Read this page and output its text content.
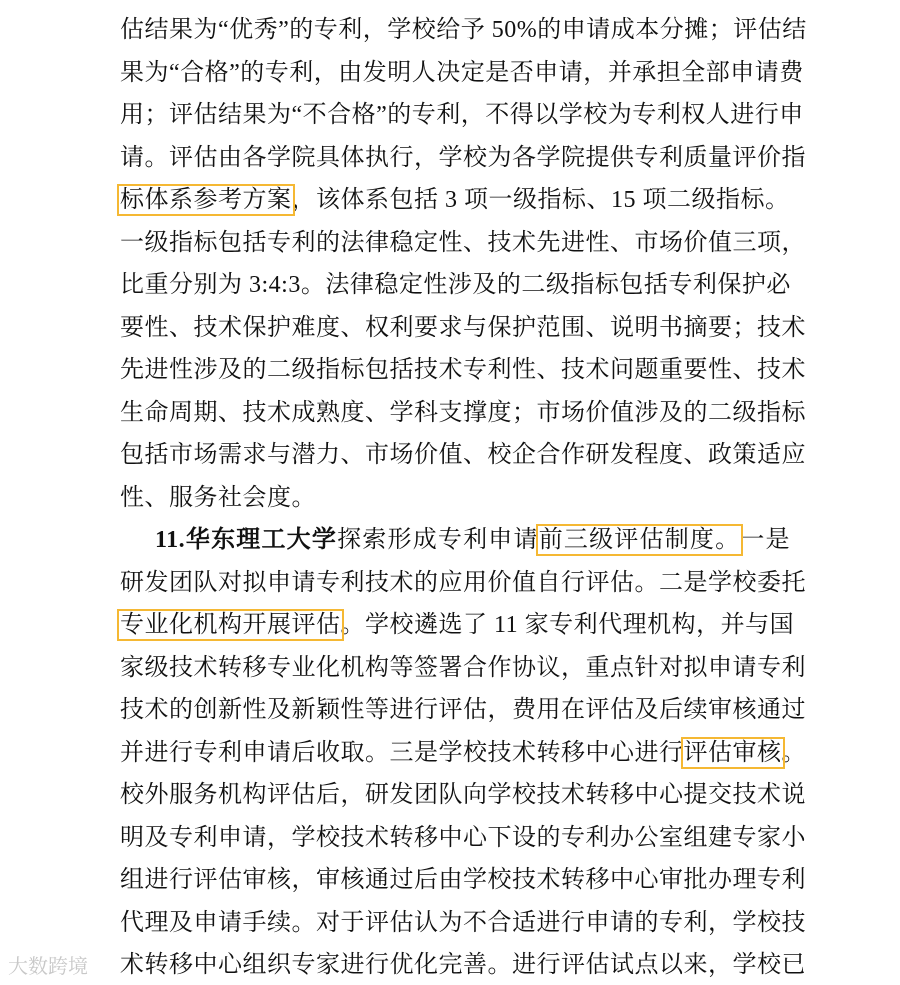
估结果为“优秀”的专利，学校给予 50%的申请成本分摊；评估结
果为“合格”的专利，由发明人决定是否申请，并承担全部申请费
用；评估结果为“不合格”的专利，不得以学校为专利权人进行申
请。评估由各学院具体执行，学校为各学院提供专利质量评价指
标体系参考方案，该体系包括 3 项一级指标、15 项二级指标。
一级指标包括专利的法律稳定性、技术先进性、市场价值三项，
比重分别为 3:4:3。法律稳定性涉及的二级指标包括专利保护必
要性、技术保护难度、权利要求与保护范围、说明书摘要；技术
先进性涉及的二级指标包括技术专利性、技术问题重要性、技术
生命周期、技术成熟度、学科支撑度；市场价值涉及的二级指标
包括市场需求与潜力、市场价值、校企合作研发程度、政策适应
性、服务社会度。
11.华东理工大学探索形成专利申请前三级评估制度。一是
研发团队对拟申请专利技术的应用价值自行评估。二是学校委托
专业化机构开展评估。学校遴选了 11 家专利代理机构，并与国
家级技术转移专业化机构等签署合作协议，重点针对拟申请专利
技术的创新性及新颖性等进行评估，费用在评估及后续审核通过
并进行专利申请后收取。三是学校技术转移中心进行评估审核。
校外服务机构评估后，研发团队向学校技术转移中心提交技术说
明及专利申请，学校技术转移中心下设的专利办公室组建专家小
组进行评估审核，审核通过后由学校技术转移中心审批办理专利
代理及申请手续。对于评估认为不合适进行申请的专利，学校技
术转移中心组织专家进行优化完善。进行评估试点以来，学校已
大数跨境
